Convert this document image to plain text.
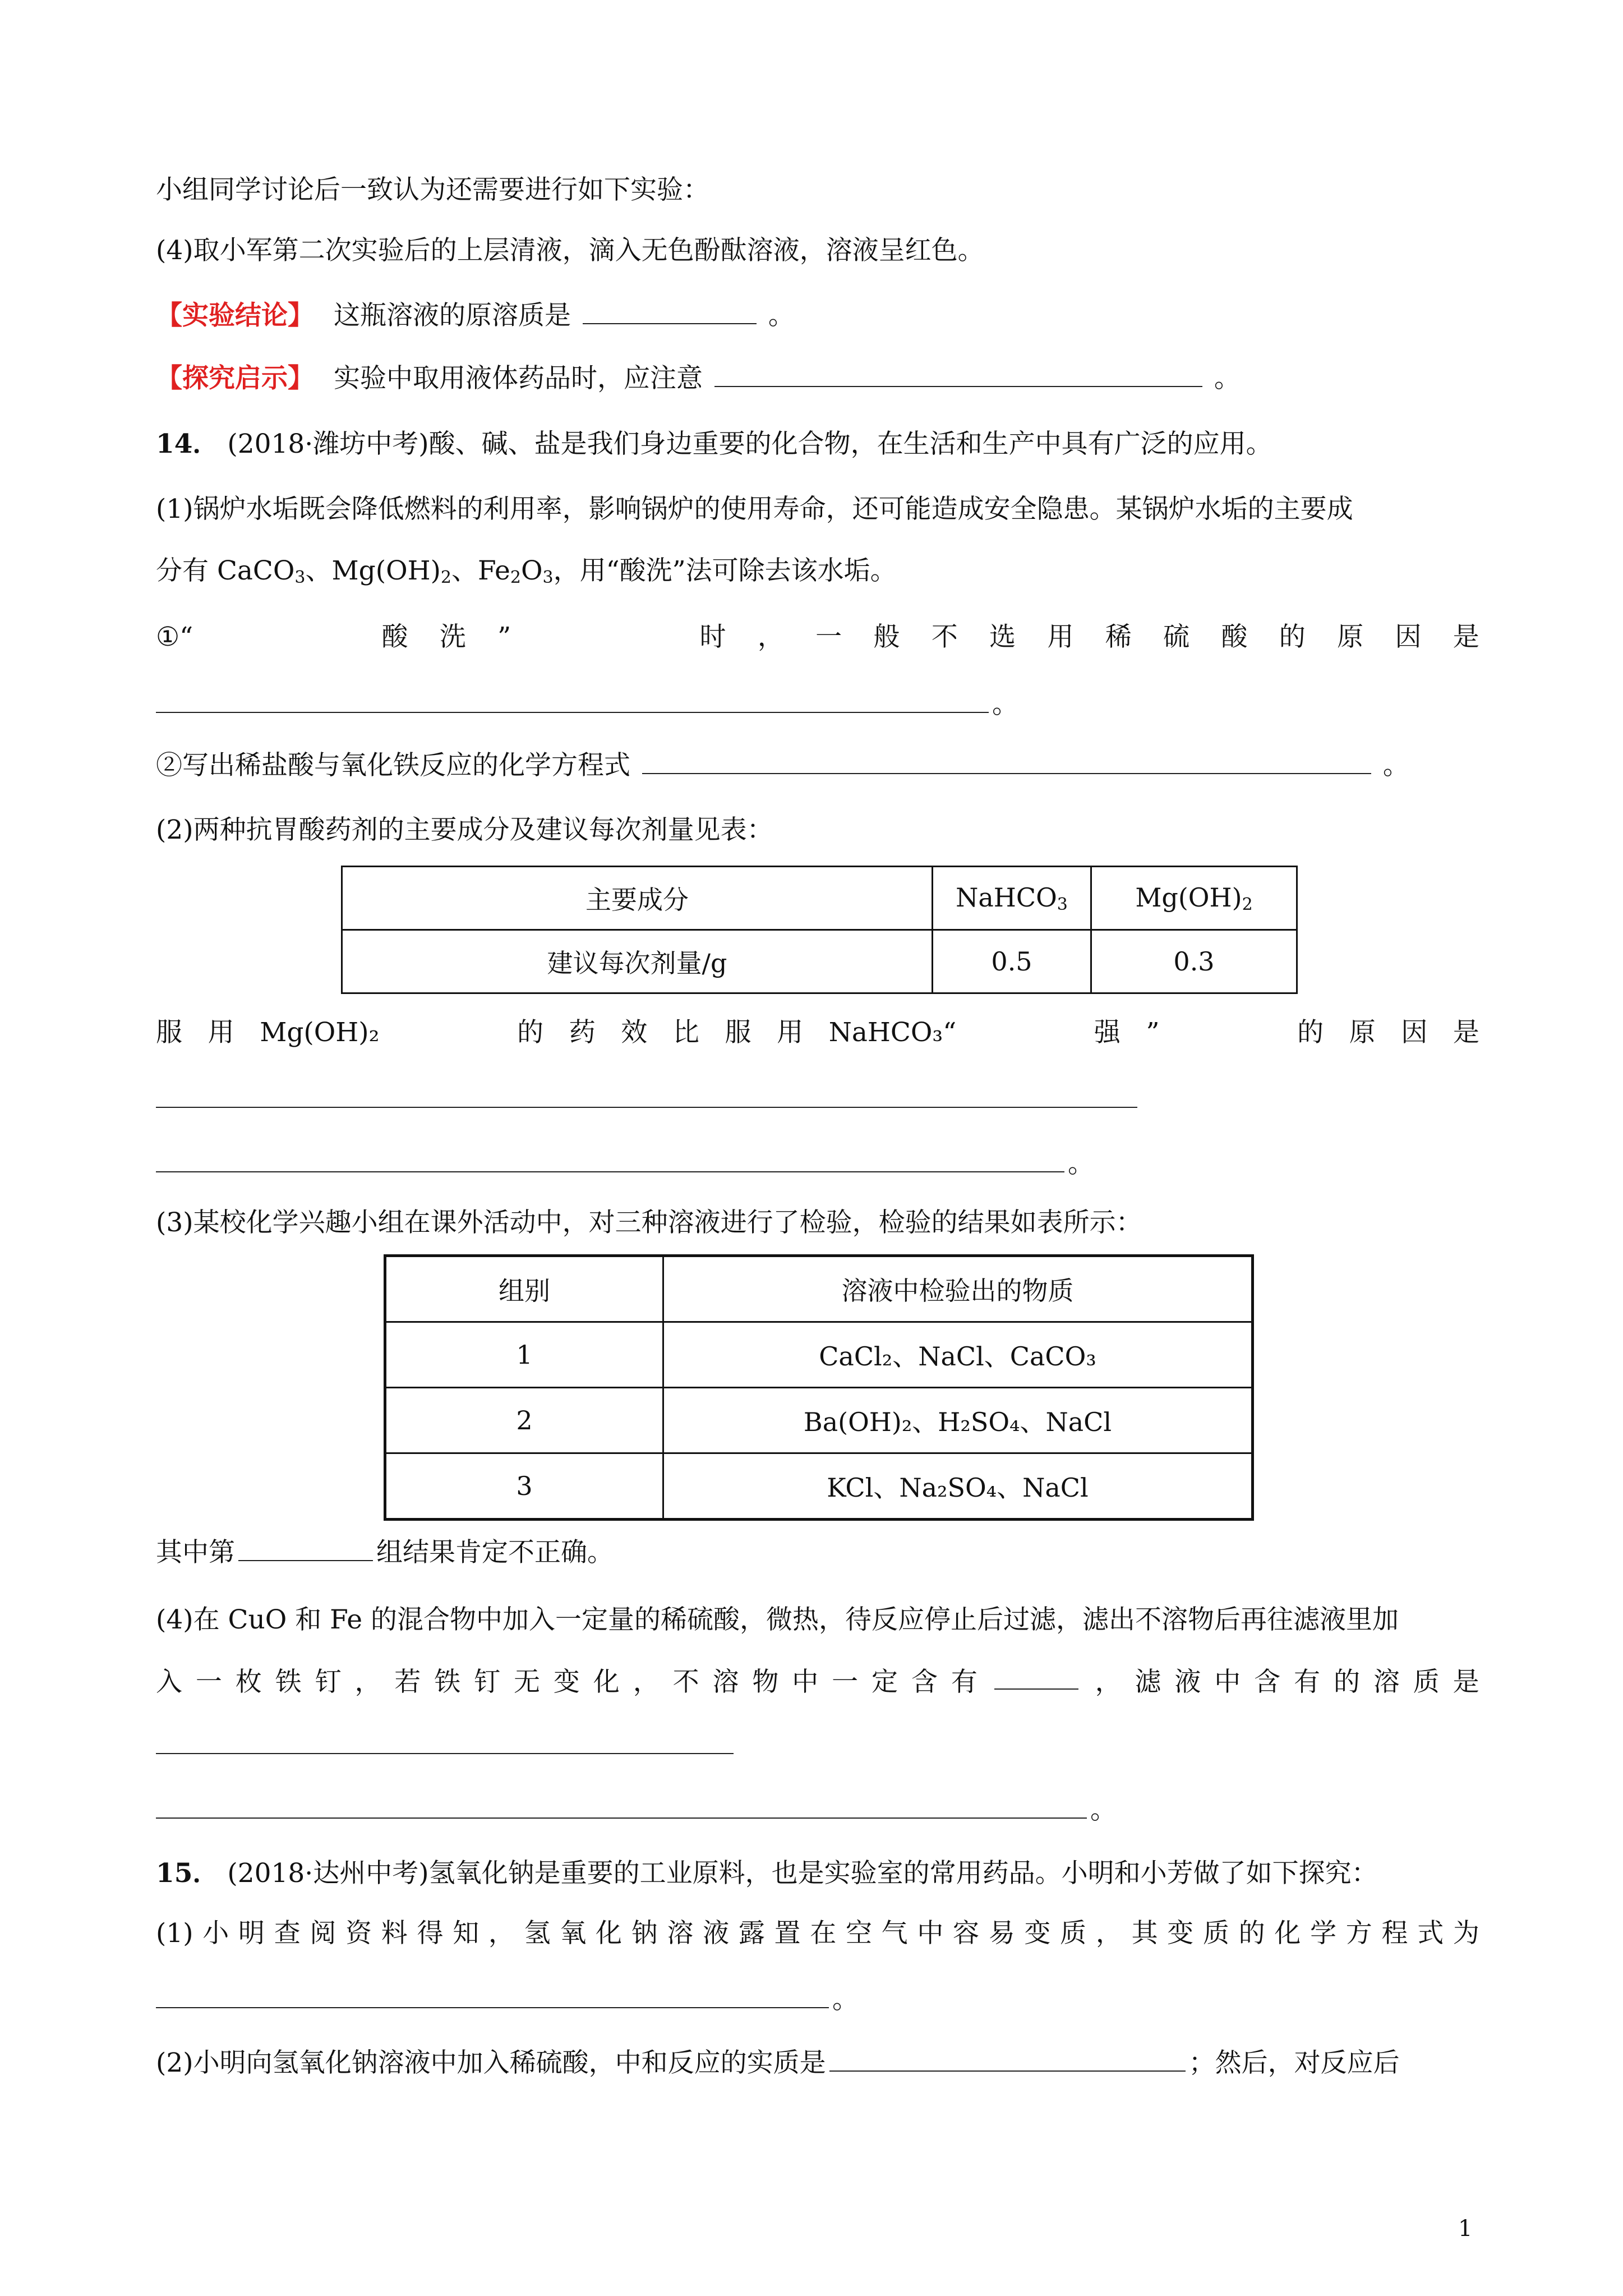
小组同学讨论后一致认为还需要进行如下实验：
(4)取小军第二次实验后的上层清液，滴入无色酚酞溶液，溶液呈红色。
【实验结论】 这瓶溶液的原溶质是	。
【探究启示】 实验中取用液体药品时，应注意	。
14． (2018·潍坊中考)酸、碱、盐是我们身边重要的化合物，在生活和生产中具有广泛的应用。
(1)锅炉水垢既会降低燃料的利用率，影响锅炉的使用寿命，还可能造成安全隐患。某锅炉水垢的主要成
分有 CaCO$_3$、$Mg(OH)_2$、$Fe_2O_3$，用“酸洗”法可除去该水垢。
①“	酸 洗 ”	时 ， 一 般 不 选 用 稀 硫 酸 的 原 因 是
。
②写出稀盐酸与氧化铁反应的化学方程式	。
(2)两种抗胃酸药剂的主要成分及建议每次剂量见表：
主要成分	NaHCO$_3$	$Mg(OH)_2$
建议每次剂量/g	0.5	0.3
服 用 Mg(OH)₂	的 药 效 比 服 用 NaHCO₃“	强 ”	的 原 因 是
。
(3)某校化学兴趣小组在课外活动中，对三种溶液进行了检验，检验的结果如表所示：
组别	溶液中检验出的物质
1	CaCl₂、NaCl、CaCO₃
2	Ba(OH)₂、H₂SO₄、NaCl
3	KCl、Na₂SO₄、NaCl
其中第	组结果肯定不正确。
(4)在 CuO 和 Fe 的混合物中加入一定量的稀硫酸，微热，待反应停止后过滤，滤出不溶物后再往滤液里加
入 一 枚 铁 钉 ， 若 铁 钉 无 变 化 ， 不 溶 物 中 一 定 含 有	， 滤 液 中 含 有 的 溶 质 是
。
15． (2018·达州中考)氢氧化钠是重要的工业原料，也是实验室的常用药品。小明和小芳做了如下探究：
(1) 小 明 查 阅 资 料 得 知 ， 氢 氧 化 钠 溶 液 露 置 在 空 气 中 容 易 变 质 ， 其 变 质 的 化 学 方 程 式 为
。
(2)小明向氢氧化钠溶液中加入稀硫酸，中和反应的实质是	；然后，对反应后
1
